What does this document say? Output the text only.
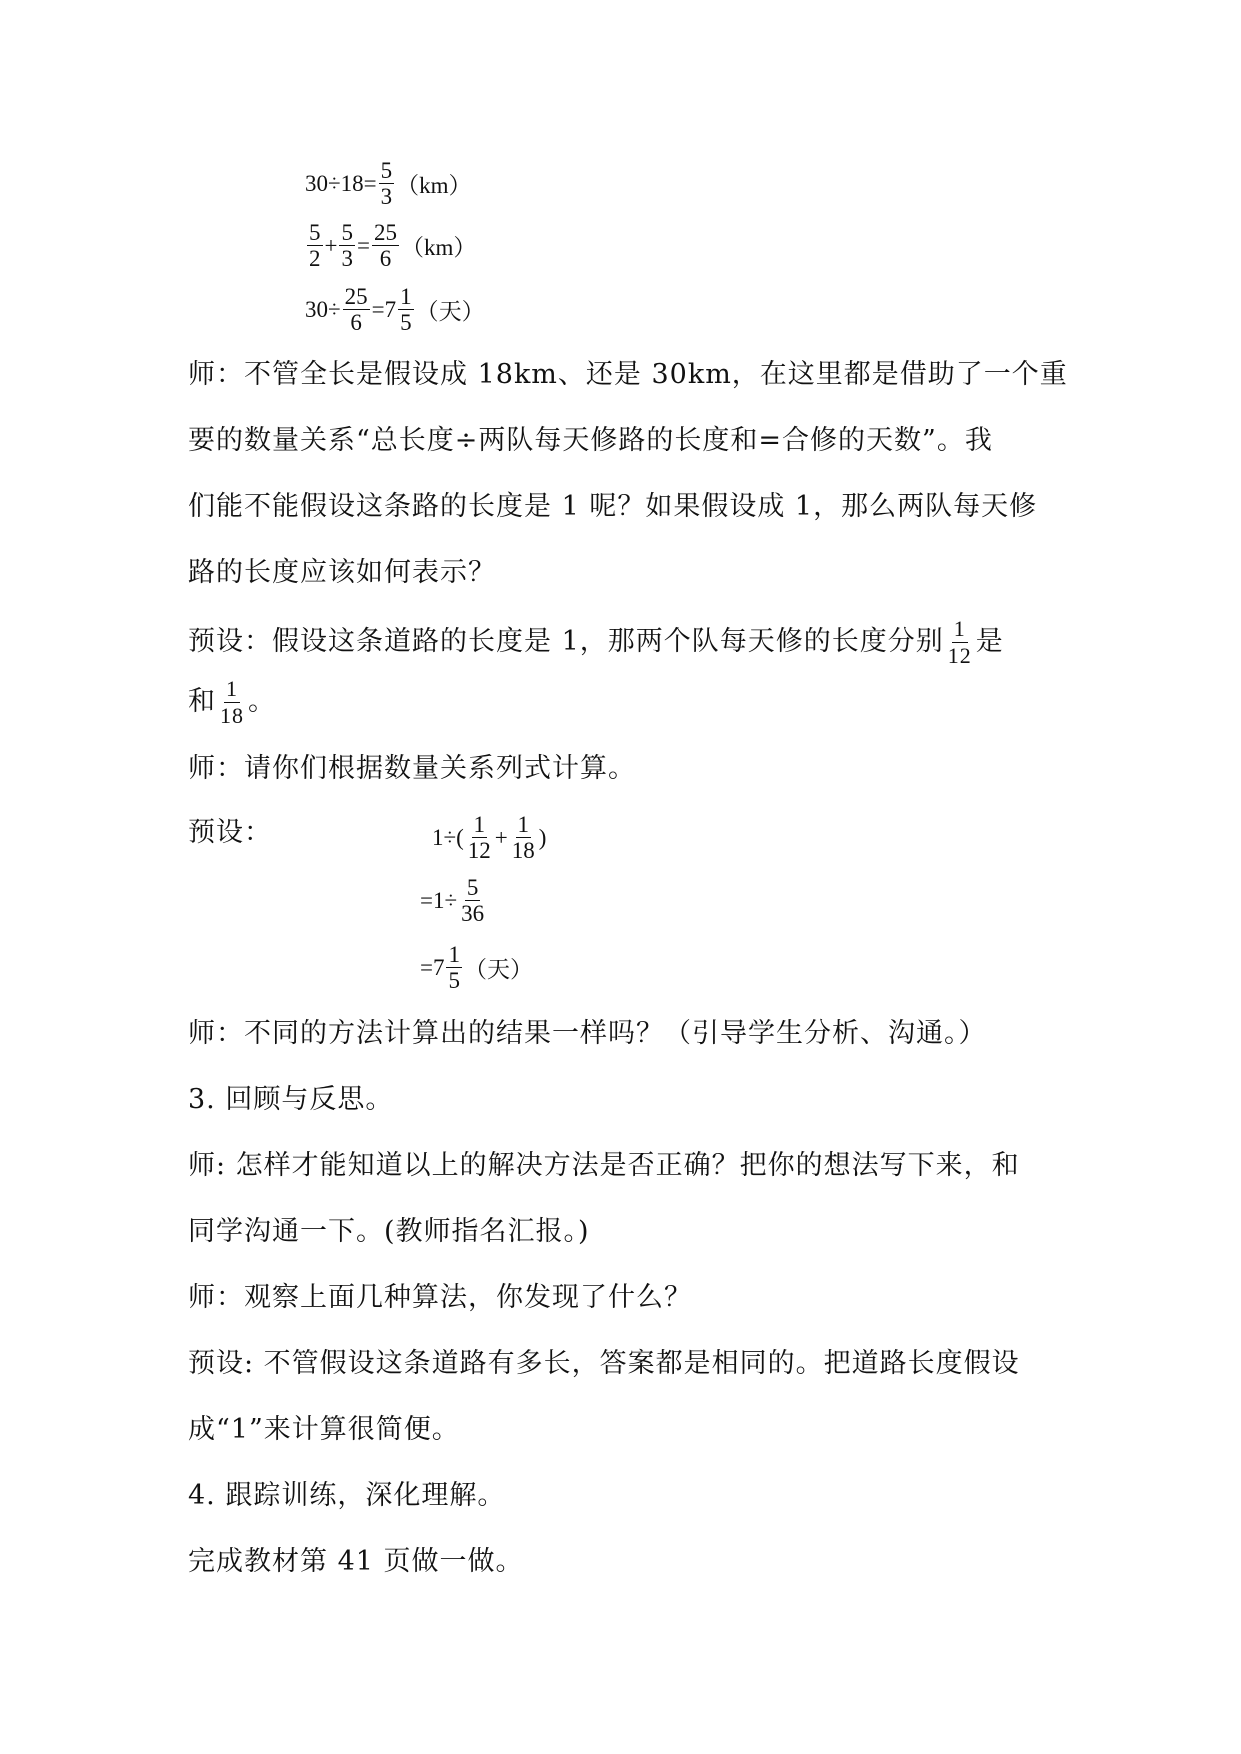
$30\div 18= \frac{5}{3} (km)$
$\frac{5}{2} + \frac{5}{3} = \frac{25}{6} (km)$
$30\div \frac{25}{6} =7 \frac{1}{5}$ （天）
师：不管全长是假设成 18km、还是 30km，在这里都是借助了一个重
要的数量关系“总长度÷两队每天修路的长度和=合修的天数”。我
们能不能假设这条路的长度是 1 呢？如果假设成 1，那么两队每天修
路的长度应该如何表示？
预设：假设这条道路的长度是 1，那两个队每天修的长度分别 $\frac{1}{12}$ 是
和 $\frac{1}{18}$ 。
师：请你们根据数量关系列式计算。
预设：	$1\div( \frac{1}{12} + \frac{1}{18}$ )
$=1\div \frac{5}{36}$
$=7 \frac{1}{5}$ （天）
师：不同的方法计算出的结果一样吗？（引导学生分析、沟通。）
3. 回顾与反思。
师: 怎样才能知道以上的解决方法是否正确？把你的想法写下来，和
同学沟通一下。(教师指名汇报。)
师：观察上面几种算法，你发现了什么？
预设: 不管假设这条道路有多长，答案都是相同的。把道路长度假设
成“1”来计算很简便。
4. 跟踪训练，深化理解。
完成教材第 41 页做一做。
